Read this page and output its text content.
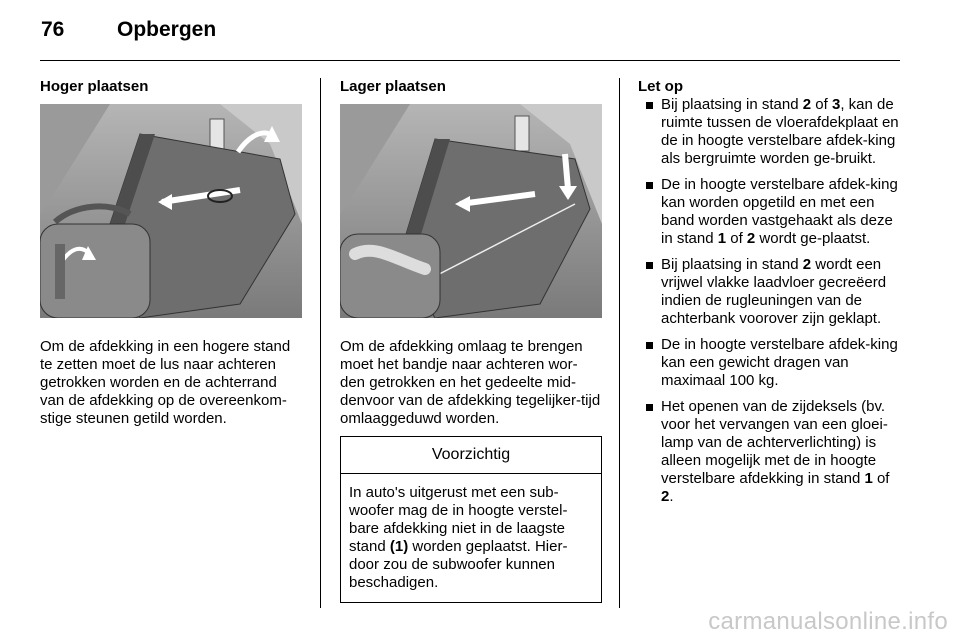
76	Opbergen
Hoger plaatsen

Om de afdekking in een hogere stand te zetten moet de lus naar achteren getrokken worden en de achterrand van de afdekking op de overeenkom-stige steunen getild worden.

Lager plaatsen

Om de afdekking omlaag te brengen moet het bandje naar achteren wor-den getrokken en het gedeelte mid-denvoor van de afdekking tegelijker-tijd omlaaggeduwd worden.

Voorzichtig
In auto's uitgerust met een sub-woofer mag de in hoogte verstel-bare afdekking niet in de laagste stand (1) worden geplaatst. Hier-door zou de subwoofer kunnen beschadigen.

Let op

Bij plaatsing in stand 2 of 3, kan de ruimte tussen de vloerafdekplaat en de in hoogte verstelbare afdek-king als bergruimte worden ge-bruikt.
De in hoogte verstelbare afdek-king kan worden opgetild en met een band worden vastgehaakt als deze in stand 1 of 2 wordt ge-plaatst.
Bij plaatsing in stand 2 wordt een vrijwel vlakke laadvloer gecreëerd indien de rugleuningen van de achterbank voorover zijn geklapt.
De in hoogte verstelbare afdek-king kan een gewicht dragen van maximaal 100 kg.
Het openen van de zijdeksels (bv. voor het vervangen van een gloei-lamp van de achterverlichting) is alleen mogelijk met de in hoogte verstelbare afdekking in stand 1 of 2.
carmanualsonline.info
